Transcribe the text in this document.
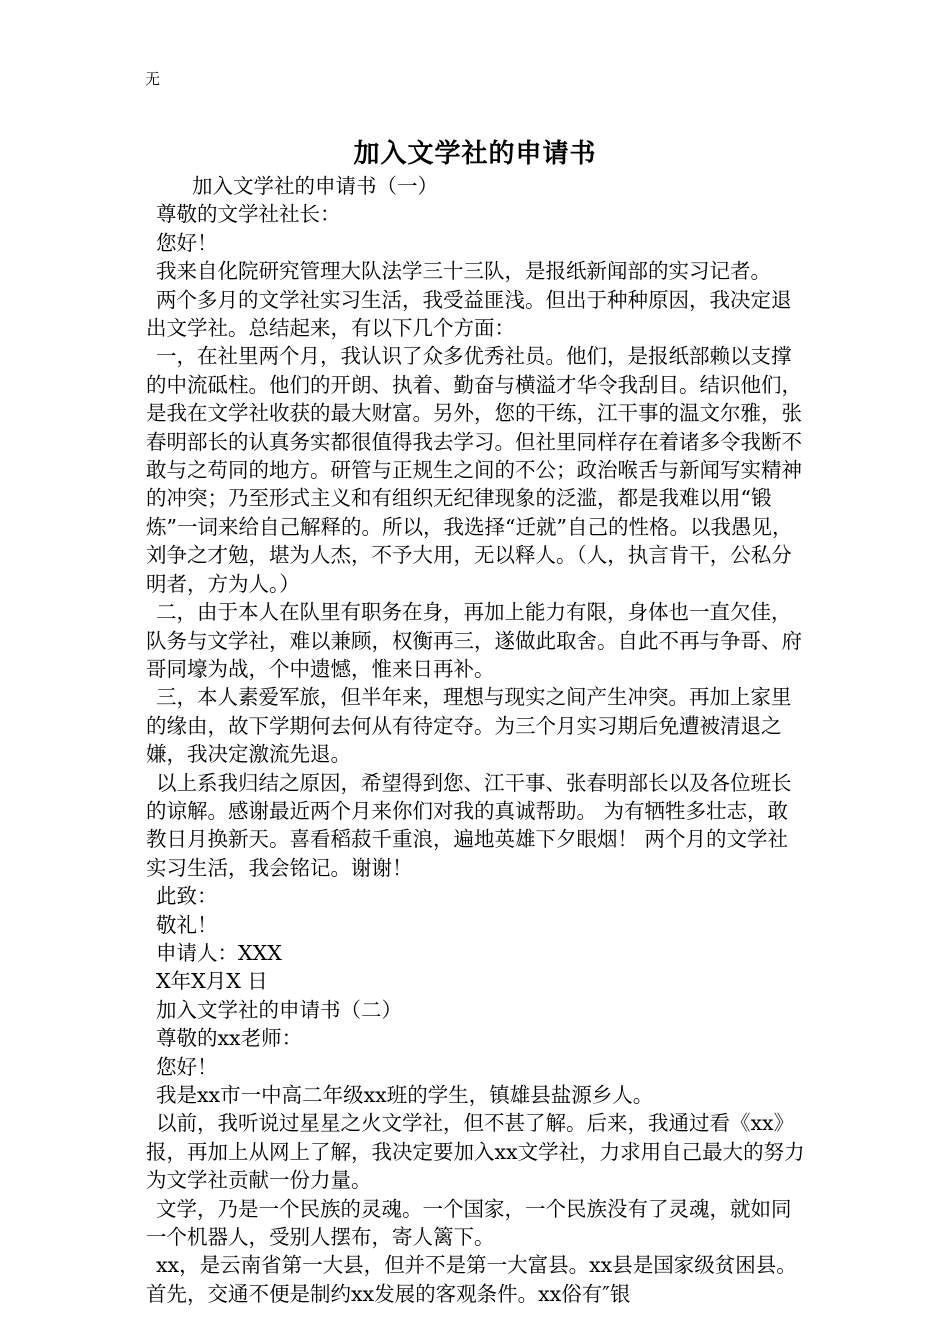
无
加入文学社的申请书

加入文学社的申请书（一）

尊敬的文学社社长：

您好！

我来自化院研究管理大队法学三十三队，是报纸新闻部的实习记者。

两个多月的文学社实习生活，我受益匪浅。但出于种种原因，我决定退出文学社。总结起来，有以下几个方面：

一，在社里两个月，我认识了众多优秀社员。他们，是报纸部赖以支撑的中流砥柱。他们的开朗、执着、勤奋与横溢才华令我刮目。结识他们，是我在文学社收获的最大财富。另外，您的干练，江干事的温文尔雅，张春明部长的认真务实都很值得我去学习。但社里同样存在着诸多令我断不敢与之苟同的地方。研管与正规生之间的不公；政治喉舌与新闻写实精神的冲突；乃至形式主义和有组织无纪律现象的泛滥，都是我难以用“锻炼”一词来给自己解释的。所以，我选择“迁就”自己的性格。以我愚见，刘争之才勉，堪为人杰，不予大用，无以释人。（人，执言肯干，公私分明者，方为人。）

二，由于本人在队里有职务在身，再加上能力有限，身体也一直欠佳，队务与文学社，难以兼顾，权衡再三，遂做此取舍。自此不再与争哥、府哥同壕为战，个中遗憾，惟来日再补。

三，本人素爱军旅，但半年来，理想与现实之间产生冲突。再加上家里的缘由，故下学期何去何从有待定夺。为三个月实习期后免遭被清退之嫌，我决定激流先退。

以上系我归结之原因，希望得到您、江干事、张春明部长以及各位班长的谅解。感谢最近两个月来你们对我的真诚帮助。 为有牺牲多壮志，敢教日月换新天。喜看稻菽千重浪，遍地英雄下夕眼烟！ 两个月的文学社实习生活，我会铭记。谢谢！

此致：

敬礼！

申请人：XXX

X年X月X 日

加入文学社的申请书（二）

尊敬的xx老师：

您好！

我是xx市一中高二年级xx班的学生，镇雄县盐源乡人。

以前，我听说过星星之火文学社，但不甚了解。后来，我通过看《xx》报，再加上从网上了解，我决定要加入xx文学社，力求用自己最大的努力为文学社贡献一份力量。

文学，乃是一个民族的灵魂。一个国家，一个民族没有了灵魂，就如同一个机器人，受别人摆布，寄人篱下。

xx，是云南省第一大县，但并不是第一大富县。xx县是国家级贫困县。首先，交通不便是制约xx发展的客观条件。xx俗有″银
